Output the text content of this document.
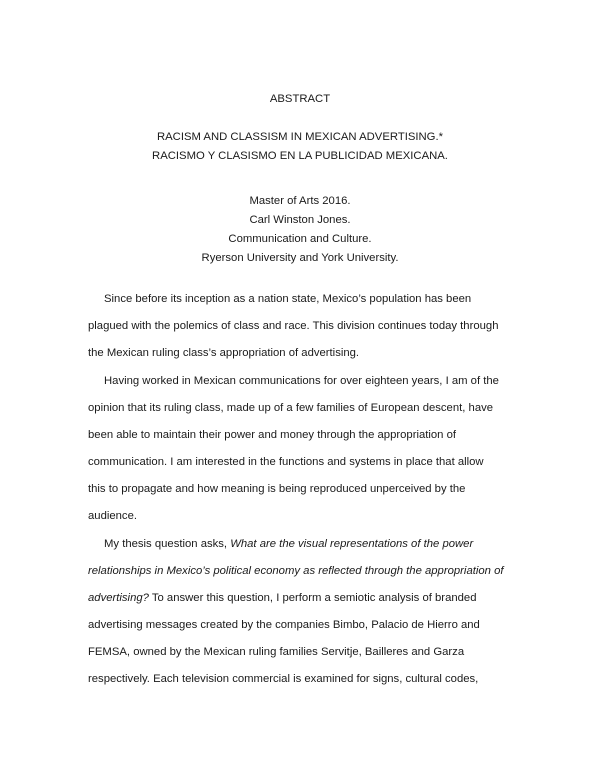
ABSTRACT
RACISM AND CLASSISM IN MEXICAN ADVERTISING.*
RACISMO Y CLASISMO EN LA PUBLICIDAD MEXICANA.
Master of Arts 2016.
Carl Winston Jones.
Communication and Culture.
Ryerson University and York University.
Since before its inception as a nation state, Mexico’s population has been
plagued with the polemics of class and race. This division continues today through
the Mexican ruling class’s appropriation of advertising.
Having worked in Mexican communications for over eighteen years, I am of the
opinion that its ruling class, made up of a few families of European descent, have
been able to maintain their power and money through the appropriation of
communication. I am interested in the functions and systems in place that allow
this to propagate and how meaning is being reproduced unperceived by the
audience.
My thesis question asks, What are the visual representations of the power
relationships in Mexico’s political economy as reflected through the appropriation of
advertising? To answer this question, I perform a semiotic analysis of branded
advertising messages created by the companies Bimbo, Palacio de Hierro and
FEMSA, owned by the Mexican ruling families Servitje, Bailleres and Garza
respectively. Each television commercial is examined for signs, cultural codes,
